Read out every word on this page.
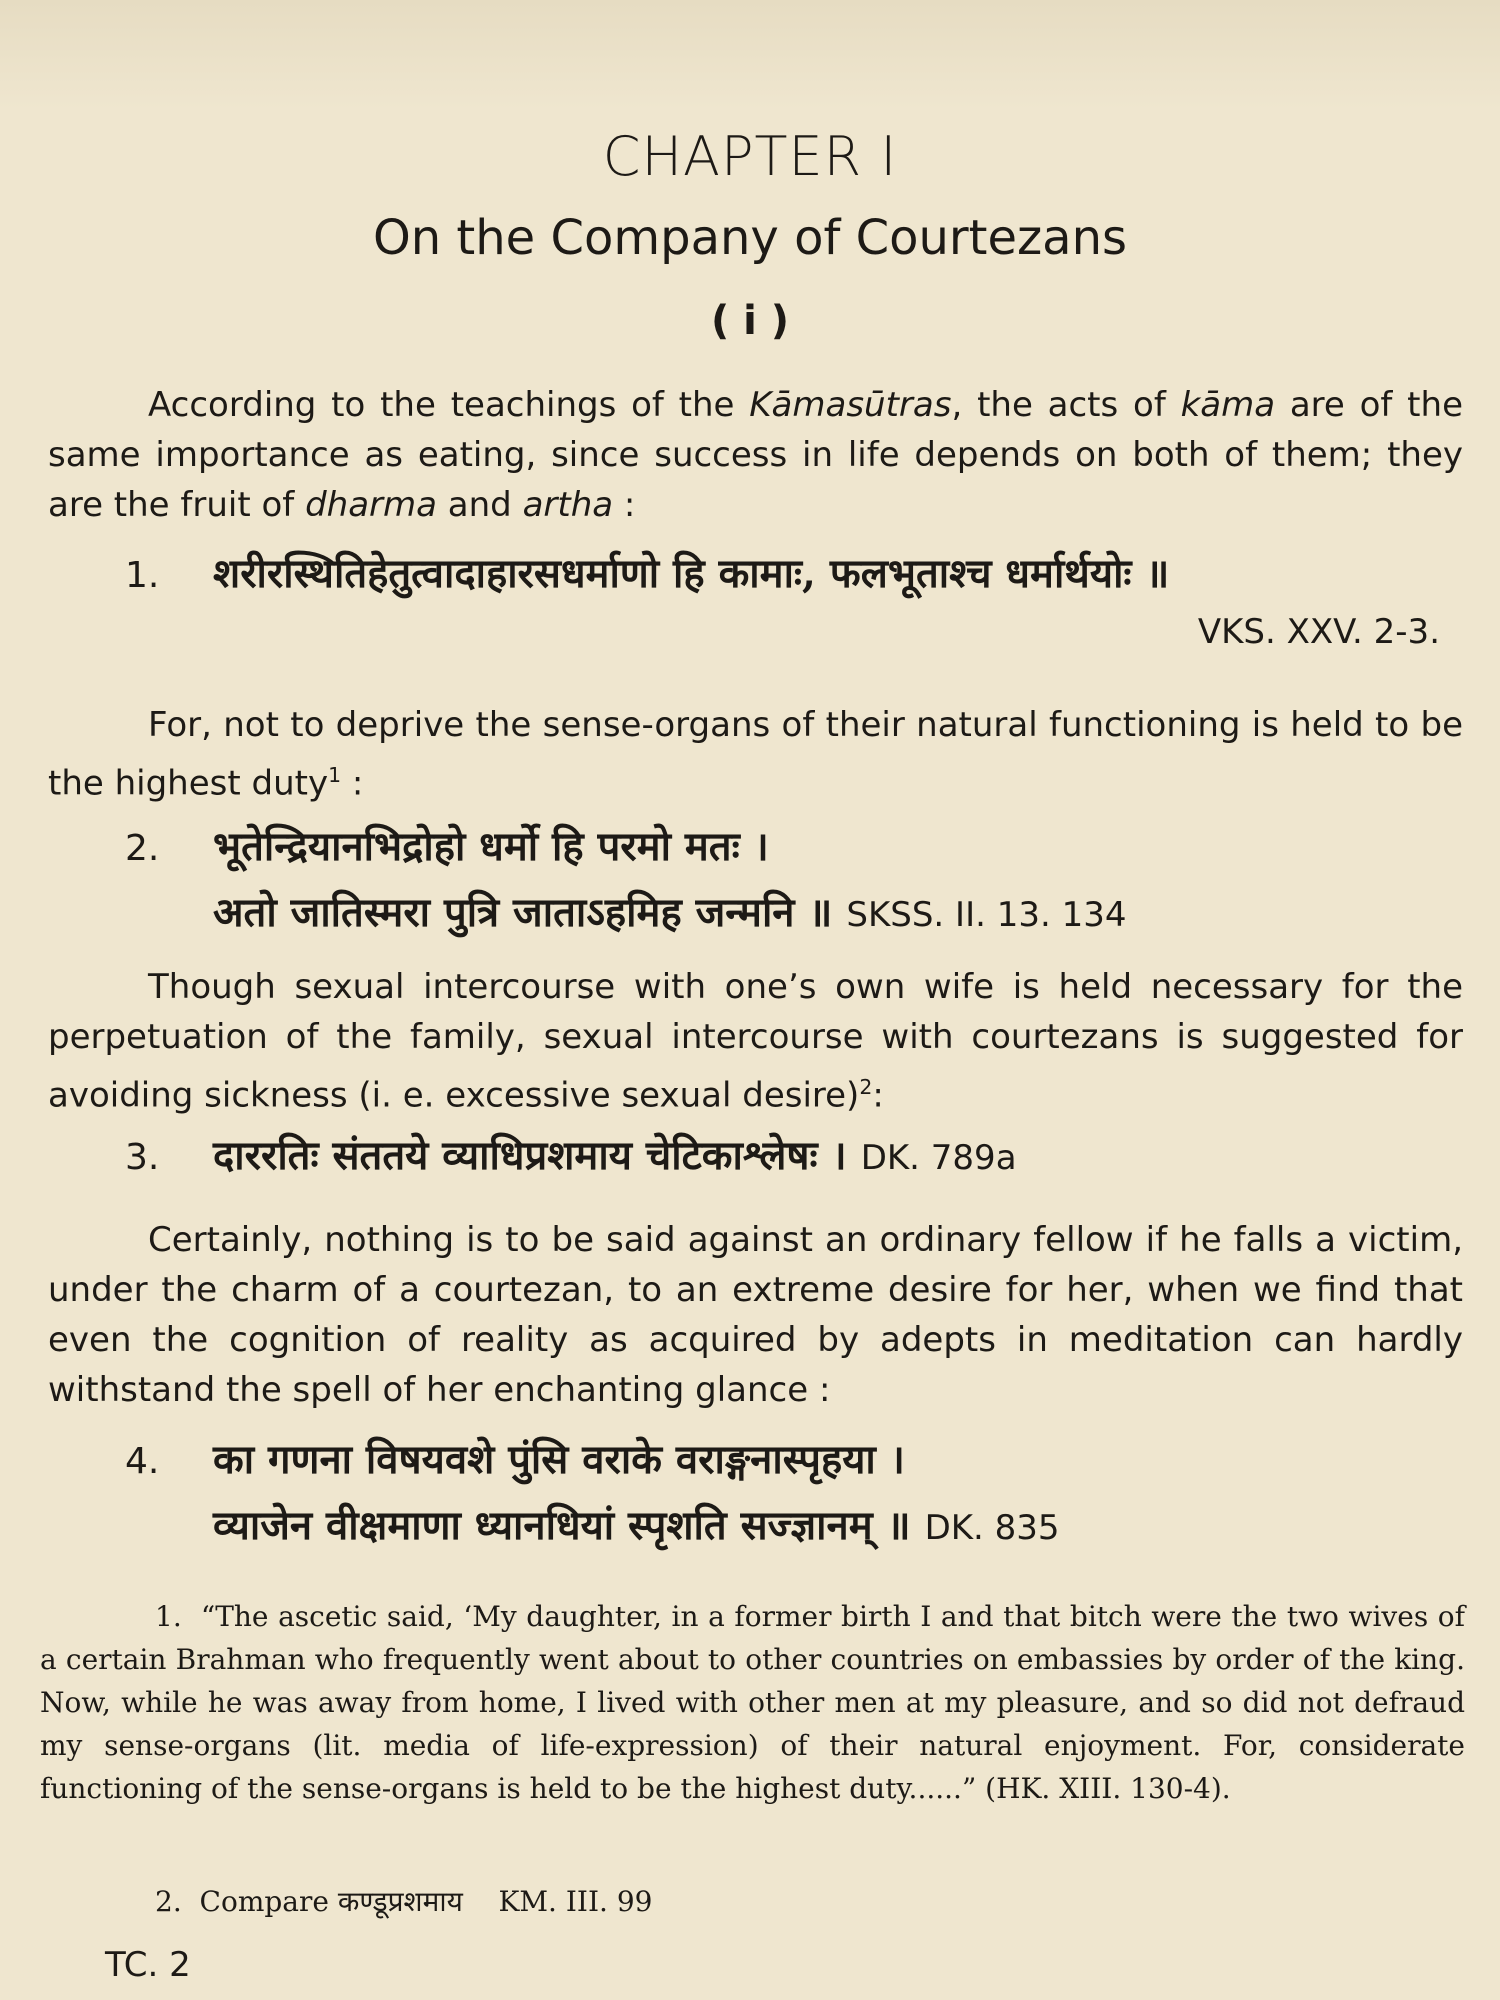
CHAPTER I
On the Company of Courtezans
( i )

According to the teachings of the Kāmasūtras, the acts of kāma are of the same importance as eating, since success in life depends on both of them; they are the fruit of dharma and artha :

1. शरीरस्थितिहेतुत्वादाहारसधर्माणो हि कामाः, फलभूताश्च धर्मार्थयोः ॥
VKS. XXV. 2-3.

For, not to deprive the sense-organs of their natural functioning is held to be the highest duty$^1$ :

2. भूतेन्द्रियानभिद्रोहो धर्मो हि परमो मतः ।
अतो जातिस्मरा पुत्रि जाताऽहमिह जन्मनि ॥ SKSS. II. 13. 134

Though sexual intercourse with one’s own wife is held necessary for the perpetuation of the family, sexual intercourse with courtezans is suggested for avoiding sickness (i. e. excessive sexual desire)$^2$:

3. दाररतिः संततये व्याधिप्रशमाय चेटिकाश्लेषः । DK. 789a

Certainly, nothing is to be said against an ordinary fellow if he falls a victim, under the charm of a courtezan, to an extreme desire for her, when we find that even the cognition of reality as acquired by adepts in meditation can hardly withstand the spell of her enchanting glance :

4. का गणना विषयवशे पुंसि वराके वराङ्गनास्पृहया ।
व्याजेन वीक्षमाणा ध्यानधियां स्पृशति सज्ज्ञानम् ॥ DK. 835
1. “The ascetic said, ‘My daughter, in a former birth I and that bitch were the two wives of a certain Brahman who frequently went about to other countries on embassies by order of the king. Now, while he was away from home, I lived with other men at my pleasure, and so did not defraud my sense-organs (lit. media of life-expression) of their natural enjoyment. For, considerate functioning of the sense-organs is held to be the highest duty......” (HK. XIII. 130-4).
2. Compare कण्डूप्रशमाय KM. III. 99
TC. 2
